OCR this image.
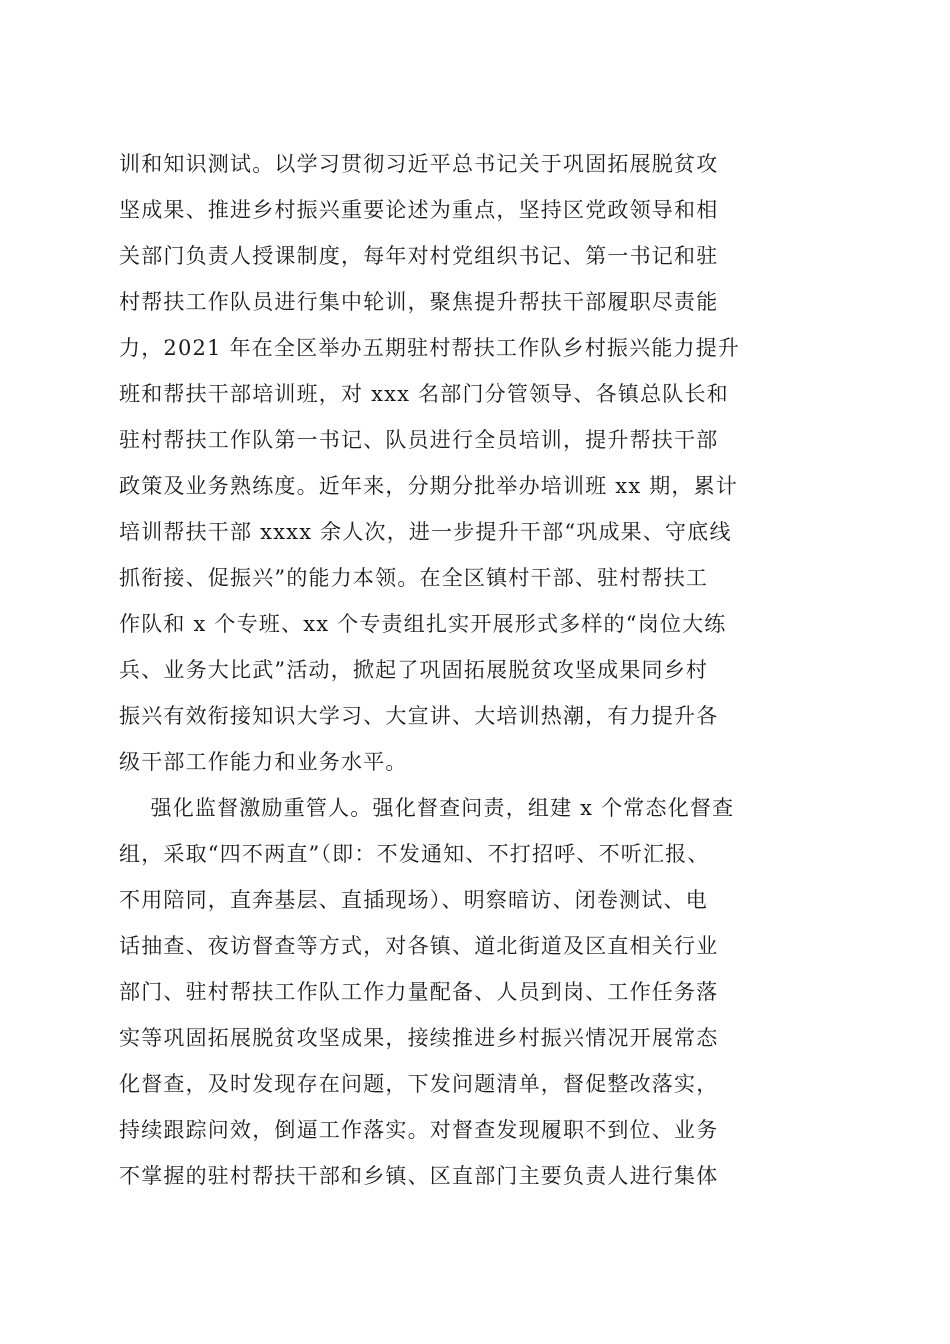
训和知识测试。以学习贯彻习近平总书记关于巩固拓展脱贫攻
坚成果、推进乡村振兴重要论述为重点，坚持区党政领导和相
关部门负责人授课制度，每年对村党组织书记、第一书记和驻
村帮扶工作队员进行集中轮训，聚焦提升帮扶干部履职尽责能
力，2021 年在全区举办五期驻村帮扶工作队乡村振兴能力提升
班和帮扶干部培训班，对 xxx 名部门分管领导、各镇总队长和
驻村帮扶工作队第一书记、队员进行全员培训，提升帮扶干部
政策及业务熟练度。近年来，分期分批举办培训班 xx 期，累计
培训帮扶干部 xxxx 余人次，进一步提升干部“巩成果、守底线
抓衔接、促振兴”的能力本领。在全区镇村干部、驻村帮扶工
作队和 x 个专班、xx 个专责组扎实开展形式多样的“岗位大练
兵、业务大比武”活动，掀起了巩固拓展脱贫攻坚成果同乡村
振兴有效衔接知识大学习、大宣讲、大培训热潮，有力提升各
级干部工作能力和业务水平。
强化监督激励重管人。强化督查问责，组建 x 个常态化督查
组，采取“四不两直”（即：不发通知、不打招呼、不听汇报、
不用陪同，直奔基层、直插现场）、明察暗访、闭卷测试、电
话抽查、夜访督查等方式，对各镇、道北街道及区直相关行业
部门、驻村帮扶工作队工作力量配备、人员到岗、工作任务落
实等巩固拓展脱贫攻坚成果，接续推进乡村振兴情况开展常态
化督查，及时发现存在问题，下发问题清单，督促整改落实，
持续跟踪问效，倒逼工作落实。对督查发现履职不到位、业务
不掌握的驻村帮扶干部和乡镇、区直部门主要负责人进行集体
